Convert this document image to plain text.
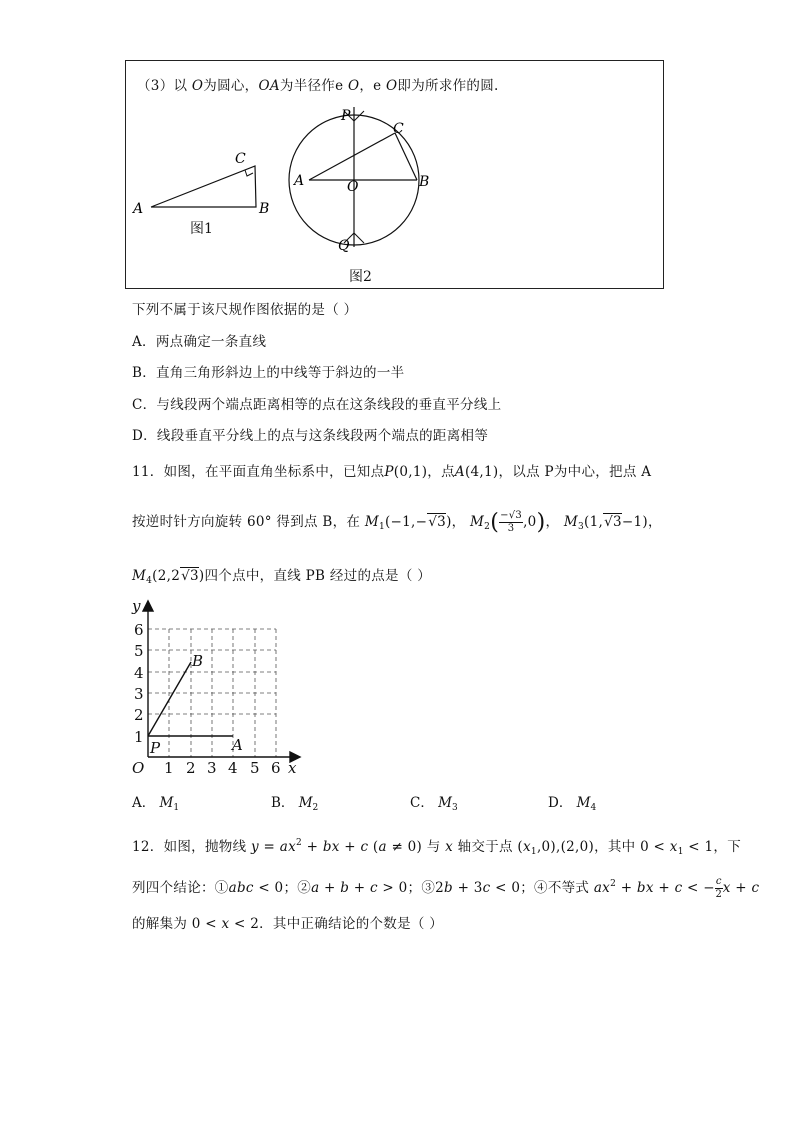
（3）以 O为圆心，OA为半径作e O，e O即为所求作的圆.
A	B
C
A	B
C
O
P
Q
图1
图2
下列不属于该尺规作图依据的是（ ）
A．两点确定一条直线
B．直角三角形斜边上的中线等于斜边的一半
C．与线段两个端点距离相等的点在这条线段的垂直平分线上
D．线段垂直平分线上的点与这条线段两个端点的距离相等
11．如图，在平面直角坐标系中，已知点P(0,1)，点A(4,1)，以点 P为中心，把点 A
按逆时针方向旋转 60° 得到点 B，在 $M_1(-1,-√3)$， $M_2( \frac{-√3}{3} ,0)$， $M_3(1,√3-1)$，
$M_4(2,2√3)$四个点中，直线 PB 经过的点是（ ）
y
x
O 1 2 3 4 5 6
1
2
3
4
5
6
P	A
B
A． $M_1$	B． $M_2$	C． $M_3$	D． $M_4$
12．如图，抛物线 $y = ax^2$ + bx + c (a ≠ 0) 与 x 轴交于点 $(x_1,0),(2,0)$，其中 $0 < x_1 < 1$，下
列四个结论：①abc < 0；②a + b + c > 0；③2b + 3c < 0；④不等式 $ax^2$ + bx + c < − $\frac{c}{2}$ x + c
的解集为 0 < x < 2．其中正确结论的个数是（ ）
